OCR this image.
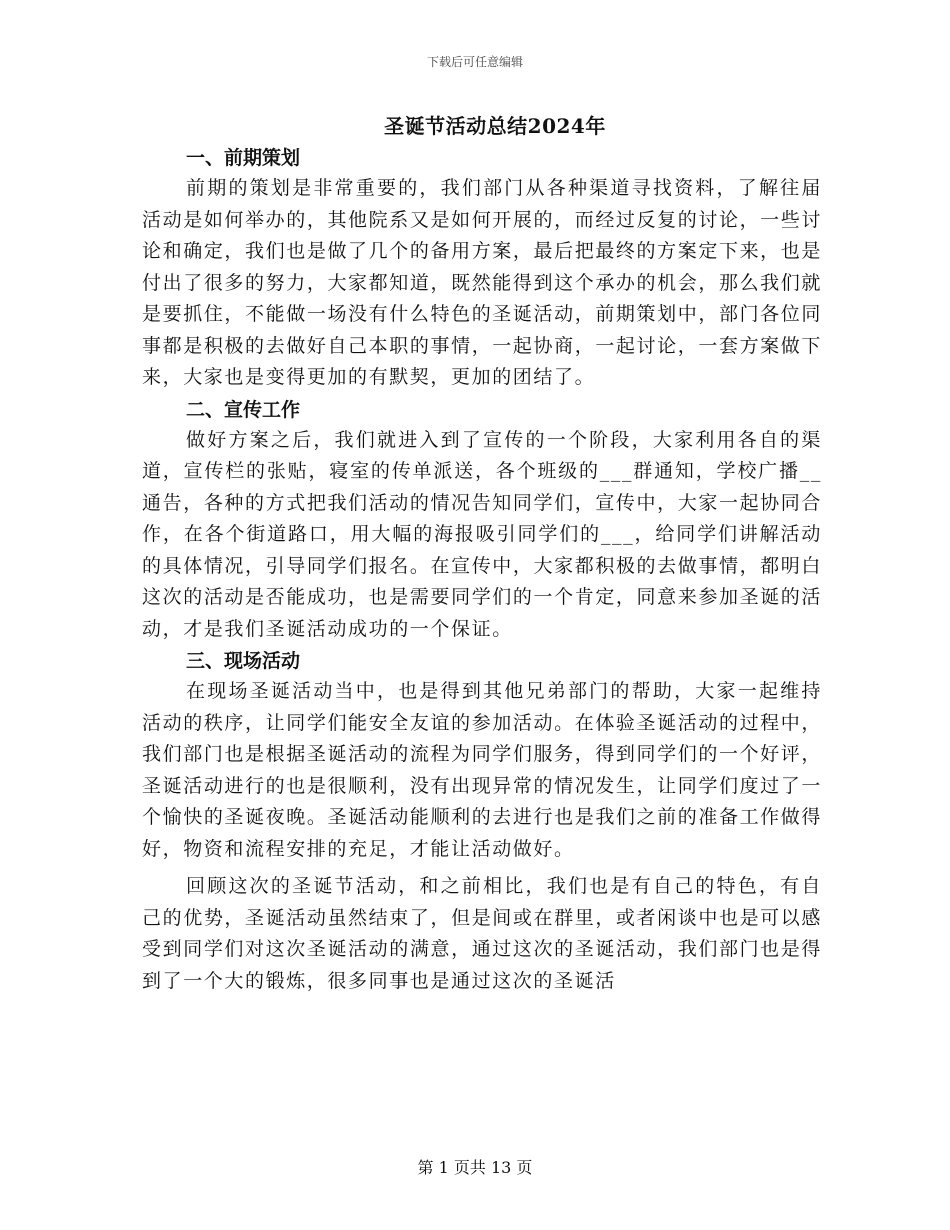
下载后可任意编辑
圣诞节活动总结2024年
一、前期策划

前期的策划是非常重要的，我们部门从各种渠道寻找资料，了解往届活动是如何举办的，其他院系又是如何开展的，而经过反复的讨论，一些讨论和确定，我们也是做了几个的备用方案，最后把最终的方案定下来，也是付出了很多的努力，大家都知道，既然能得到这个承办的机会，那么我们就是要抓住，不能做一场没有什么特色的圣诞活动，前期策划中，部门各位同事都是积极的去做好自己本职的事情，一起协商，一起讨论，一套方案做下来，大家也是变得更加的有默契，更加的团结了。

二、宣传工作

做好方案之后，我们就进入到了宣传的一个阶段，大家利用各自的渠道，宣传栏的张贴，寝室的传单派送，各个班级的___群通知，学校广播__通告，各种的方式把我们活动的情况告知同学们，宣传中，大家一起协同合作，在各个街道路口，用大幅的海报吸引同学们的___，给同学们讲解活动的具体情况，引导同学们报名。在宣传中，大家都积极的去做事情，都明白这次的活动是否能成功，也是需要同学们的一个肯定，同意来参加圣诞的活动，才是我们圣诞活动成功的一个保证。

三、现场活动

在现场圣诞活动当中，也是得到其他兄弟部门的帮助，大家一起维持活动的秩序，让同学们能安全友谊的参加活动。在体验圣诞活动的过程中，我们部门也是根据圣诞活动的流程为同学们服务，得到同学们的一个好评，圣诞活动进行的也是很顺利，没有出现异常的情况发生，让同学们度过了一个愉快的圣诞夜晚。圣诞活动能顺利的去进行也是我们之前的准备工作做得好，物资和流程安排的充足，才能让活动做好。

回顾这次的圣诞节活动，和之前相比，我们也是有自己的特色，有自己的优势，圣诞活动虽然结束了，但是间或在群里，或者闲谈中也是可以感受到同学们对这次圣诞活动的满意，通过这次的圣诞活动，我们部门也是得到了一个大的锻炼，很多同事也是通过这次的圣诞活

第 1 页共 13 页
